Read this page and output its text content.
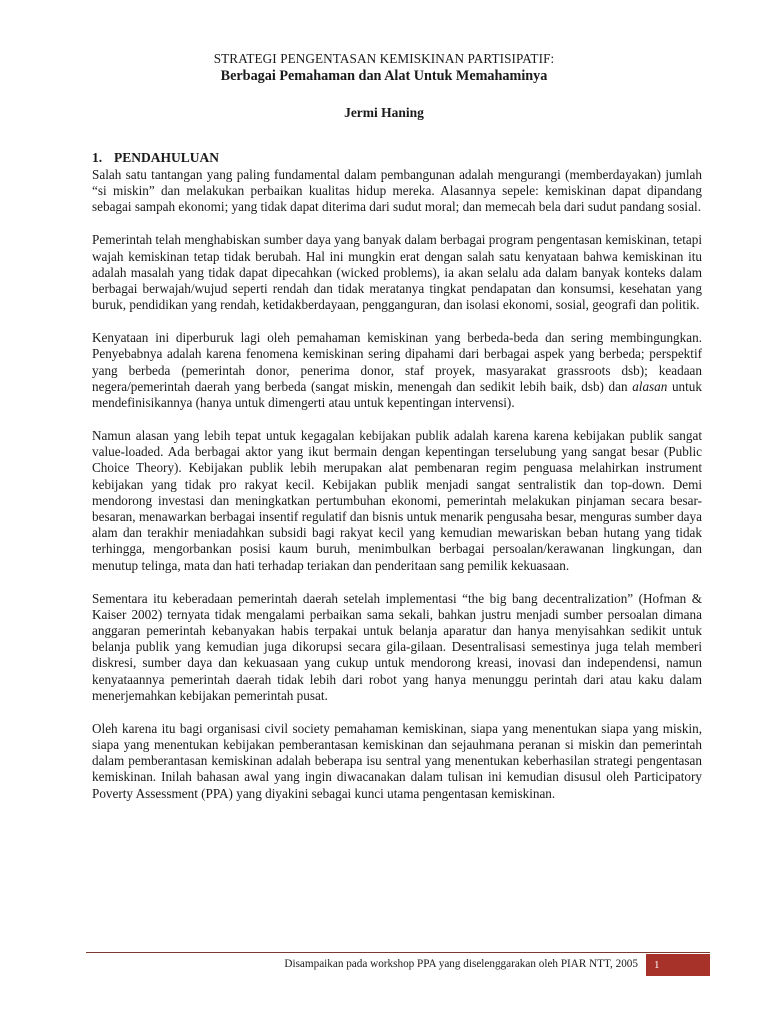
STRATEGI PENGENTASAN KEMISKINAN PARTISIPATIF:
Berbagai Pemahaman dan Alat Untuk Memahaminya
Jermi Haning
1. PENDAHULUAN

Salah satu tantangan yang paling fundamental dalam pembangunan adalah mengurangi (memberdayakan) jumlah “si miskin” dan melakukan perbaikan kualitas hidup mereka. Alasannya sepele: kemiskinan dapat dipandang sebagai sampah ekonomi; yang tidak dapat diterima dari sudut moral; dan memecah bela dari sudut pandang sosial.

Pemerintah telah menghabiskan sumber daya yang banyak dalam berbagai program pengentasan kemiskinan, tetapi wajah kemiskinan tetap tidak berubah. Hal ini mungkin erat dengan salah satu kenyataan bahwa kemiskinan itu adalah masalah yang tidak dapat dipecahkan (wicked problems), ia akan selalu ada dalam banyak konteks dalam berbagai berwajah/wujud seperti rendah dan tidak meratanya tingkat pendapatan dan konsumsi, kesehatan yang buruk, pendidikan yang rendah, ketidakberdayaan, pengganguran, dan isolasi ekonomi, sosial, geografi dan politik.

Kenyataan ini diperburuk lagi oleh pemahaman kemiskinan yang berbeda-beda dan sering membingungkan. Penyebabnya adalah karena fenomena kemiskinan sering dipahami dari berbagai aspek yang berbeda; perspektif yang berbeda (pemerintah donor, penerima donor, staf proyek, masyarakat grassroots dsb); keadaan negera/pemerintah daerah yang berbeda (sangat miskin, menengah dan sedikit lebih baik, dsb) dan alasan untuk mendefinisikannya (hanya untuk dimengerti atau untuk kepentingan intervensi).

Namun alasan yang lebih tepat untuk kegagalan kebijakan publik adalah karena karena kebijakan publik sangat value-loaded. Ada berbagai aktor yang ikut bermain dengan kepentingan terselubung yang sangat besar (Public Choice Theory). Kebijakan publik lebih merupakan alat pembenaran regim penguasa melahirkan instrument kebijakan yang tidak pro rakyat kecil. Kebijakan publik menjadi sangat sentralistik dan top-down. Demi mendorong investasi dan meningkatkan pertumbuhan ekonomi, pemerintah melakukan pinjaman secara besar-besaran, menawarkan berbagai insentif regulatif dan bisnis untuk menarik pengusaha besar, menguras sumber daya alam dan terakhir meniadahkan subsidi bagi rakyat kecil yang kemudian mewariskan beban hutang yang tidak terhingga, mengorbankan posisi kaum buruh, menimbulkan berbagai persoalan/kerawanan lingkungan, dan menutup telinga, mata dan hati terhadap teriakan dan penderitaan sang pemilik kekuasaan.

Sementara itu keberadaan pemerintah daerah setelah implementasi “the big bang decentralization” (Hofman & Kaiser 2002) ternyata tidak mengalami perbaikan sama sekali, bahkan justru menjadi sumber persoalan dimana anggaran pemerintah kebanyakan habis terpakai untuk belanja aparatur dan hanya menyisahkan sedikit untuk belanja publik yang kemudian juga dikorupsi secara gila-gilaan. Desentralisasi semestinya juga telah memberi diskresi, sumber daya dan kekuasaan yang cukup untuk mendorong kreasi, inovasi dan independensi, namun kenyataannya pemerintah daerah tidak lebih dari robot yang hanya menunggu perintah dari atau kaku dalam menerjemahkan kebijakan pemerintah pusat.

Oleh karena itu bagi organisasi civil society pemahaman kemiskinan, siapa yang menentukan siapa yang miskin, siapa yang menentukan kebijakan pemberantasan kemiskinan dan sejauhmana peranan si miskin dan pemerintah dalam pemberantasan kemiskinan adalah beberapa isu sentral yang menentukan keberhasilan strategi pengentasan kemiskinan. Inilah bahasan awal yang ingin diwacanakan dalam tulisan ini kemudian disusul oleh Participatory Poverty Assessment (PPA) yang diyakini sebagai kunci utama pengentasan kemiskinan.

Disampaikan pada workshop PPA yang diselenggarakan oleh PIAR NTT, 2005	1
